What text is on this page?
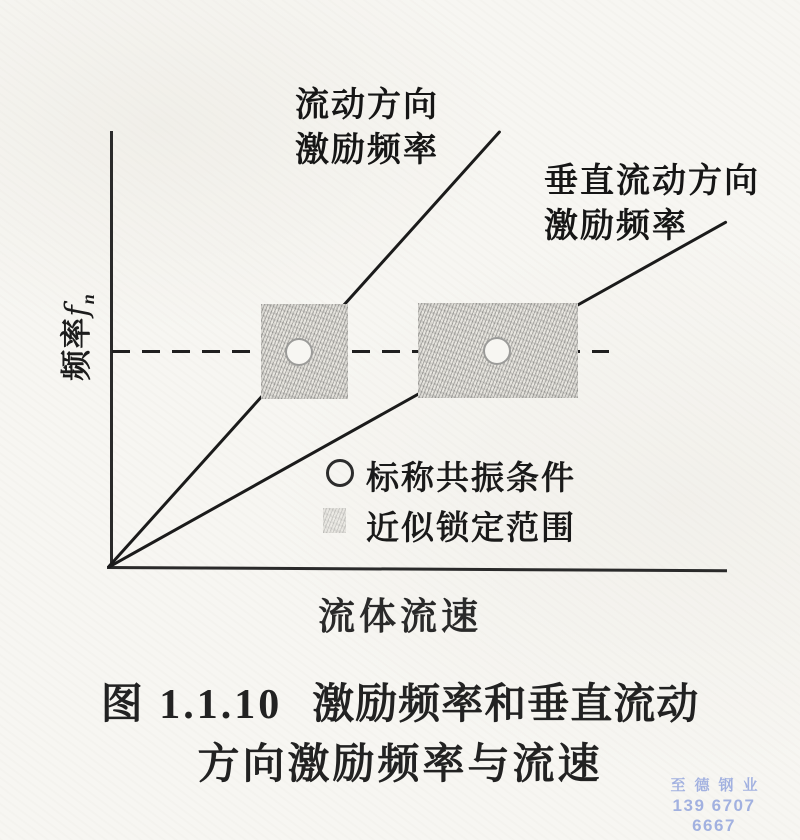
流动方向
激励频率
垂直流动方向
激励频率
频率$f_n$
流体流速
标称共振条件
近似锁定范围
图 1.1.10 激励频率和垂直流动
方向激励频率与流速	至德钢业
139 6707 6667
